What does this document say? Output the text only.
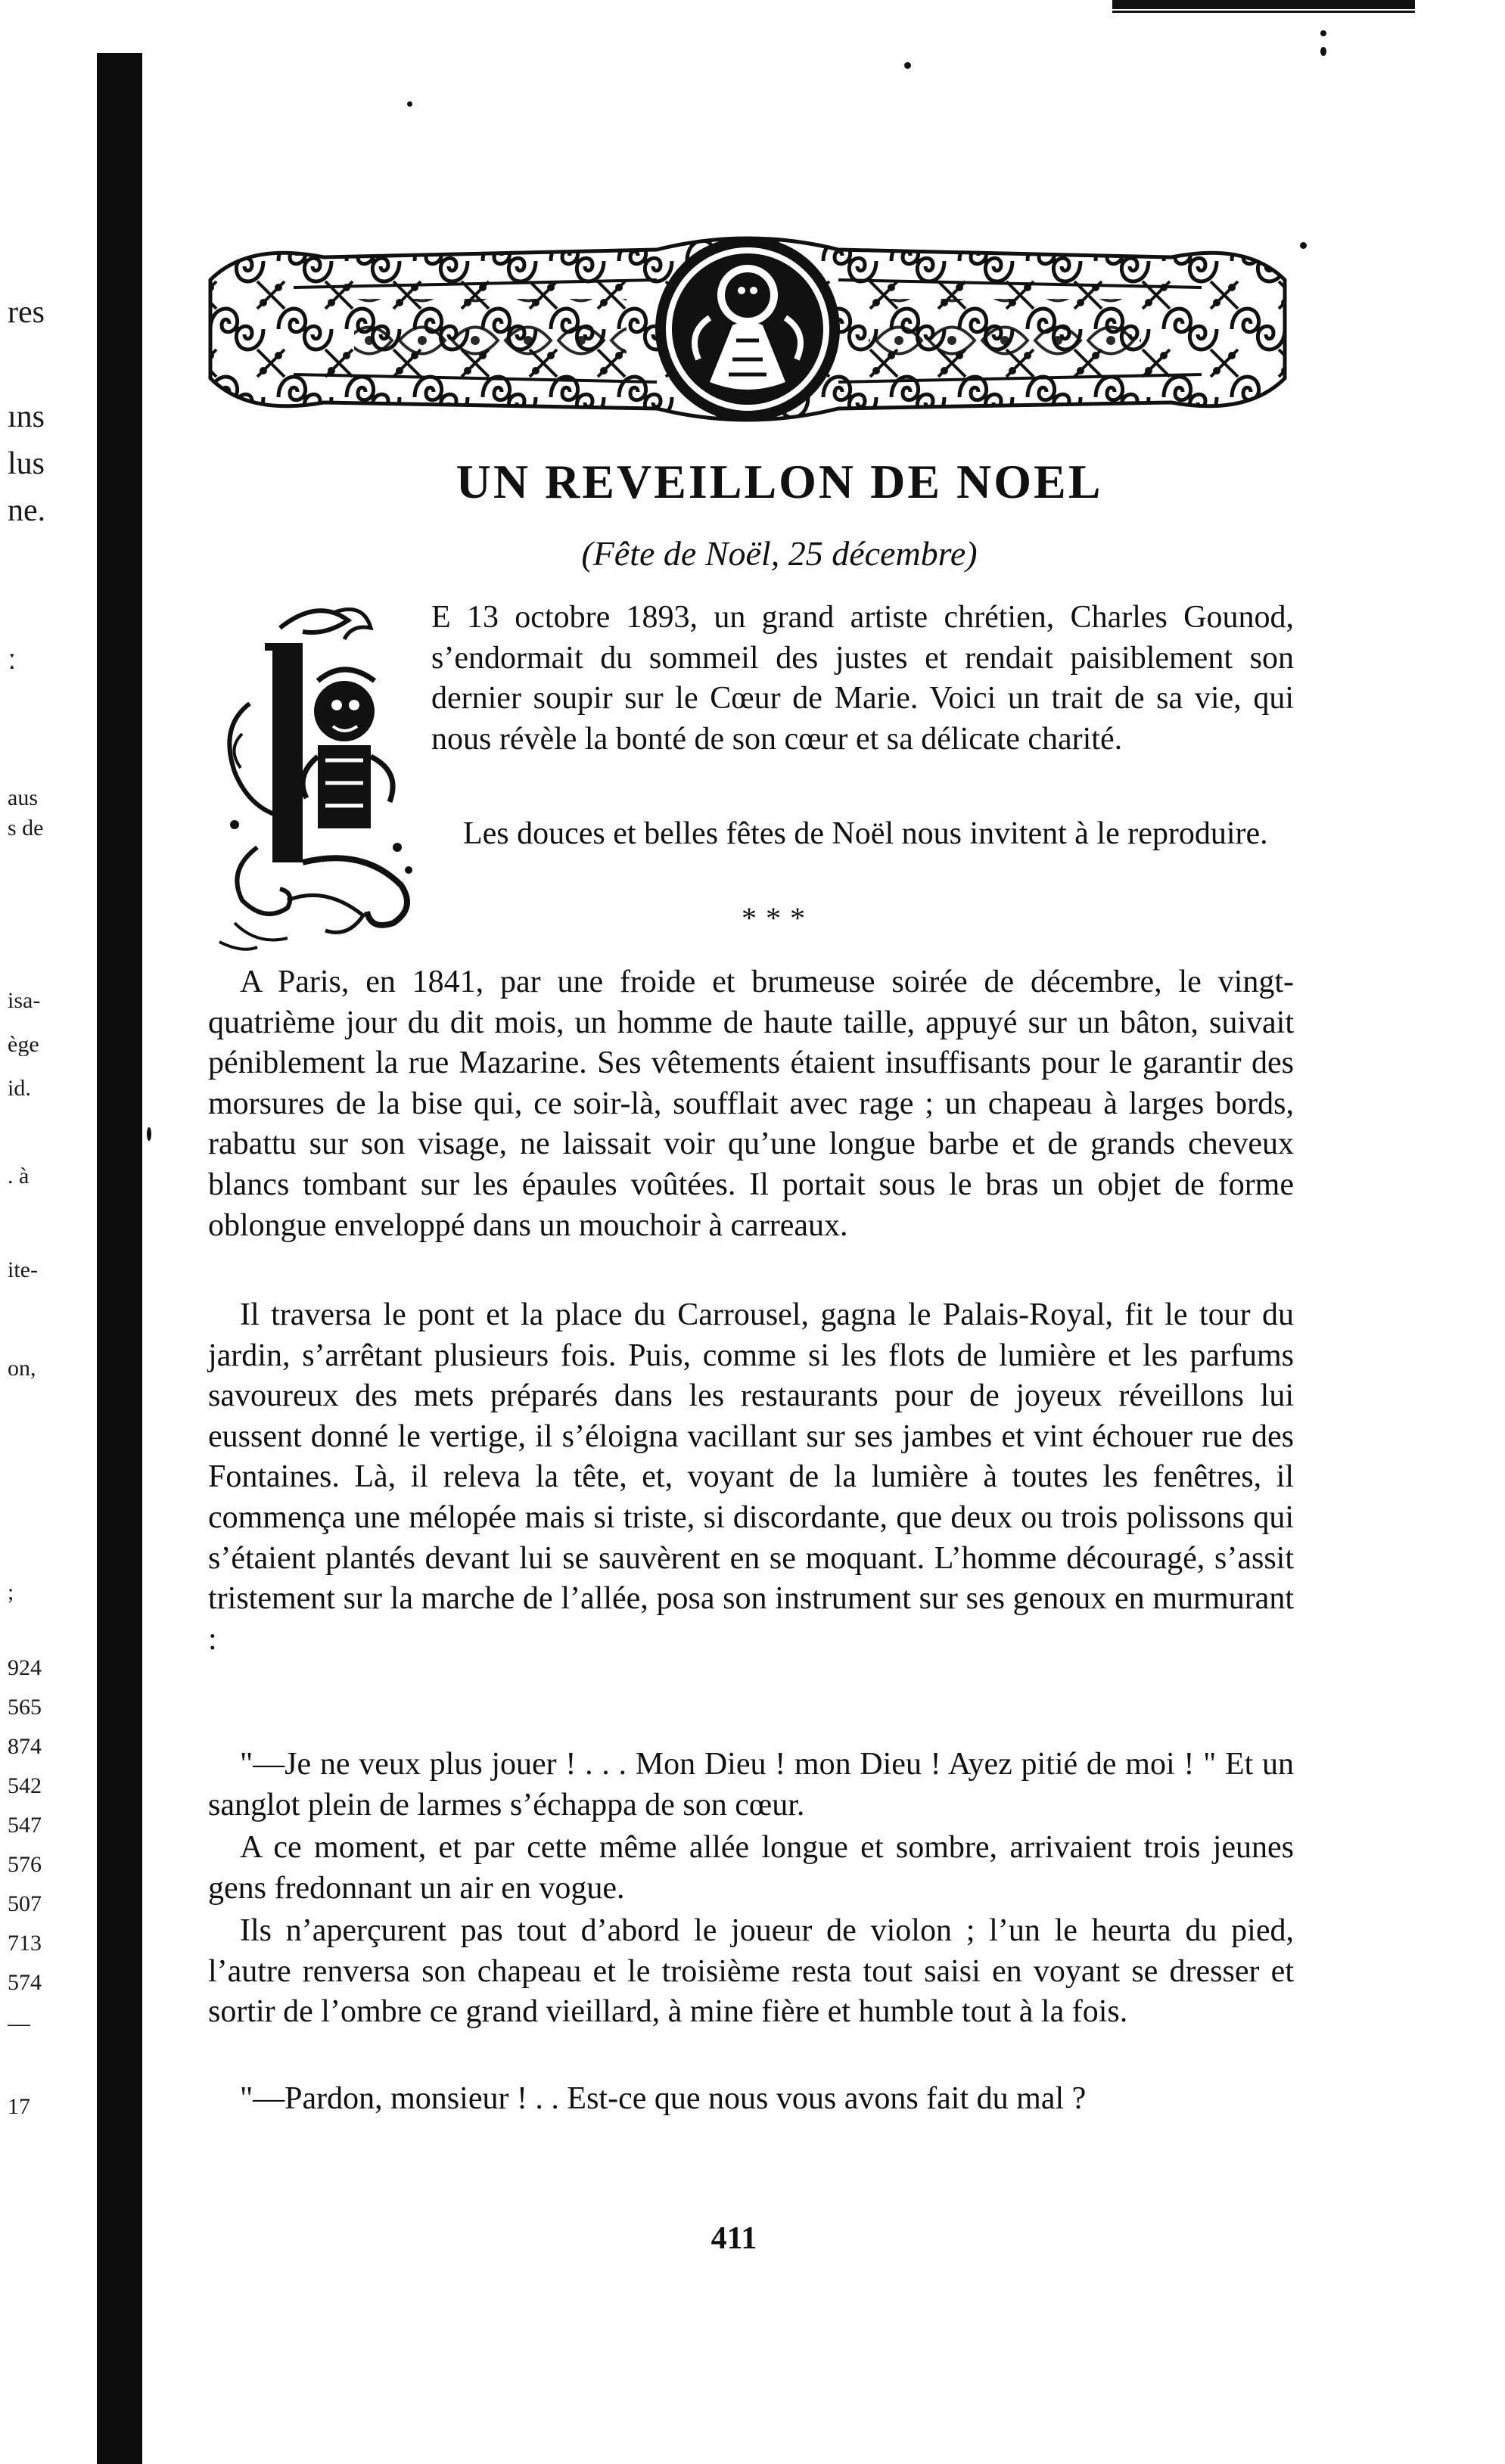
res
ıns
lus
ne.
ː
aus
s de
isa-
ège
id.
. à
ite-
on,
;
924
565
874
542
547
576
507
713
574
—
17
UN REVEILLON DE NOEL

(Fête de Noël, 25 décembre)

E 13 octobre 1893, un grand artiste chrétien, Charles Gounod, s’endormait du sommeil des justes et rendait paisiblement son dernier soupir sur le Cœur de Marie. Voici un trait de sa vie, qui nous révèle la bonté de son cœur et sa délicate charité.

Les douces et belles fêtes de Noël nous invitent à le reproduire.

* * *

A Paris, en 1841, par une froide et brumeuse soirée de décembre, le vingt-quatrième jour du dit mois, un homme de haute taille, appuyé sur un bâton, suivait péniblement la rue Mazarine. Ses vêtements étaient insuffisants pour le garantir des morsures de la bise qui, ce soir-là, soufflait avec rage ; un chapeau à larges bords, rabattu sur son visage, ne laissait voir qu’une longue barbe et de grands cheveux blancs tombant sur les épaules voûtées. Il portait sous le bras un objet de forme oblongue enveloppé dans un mouchoir à carreaux.

Il traversa le pont et la place du Carrousel, gagna le Palais-Royal, fit le tour du jardin, s’arrêtant plusieurs fois. Puis, comme si les flots de lumière et les parfums savoureux des mets préparés dans les restaurants pour de joyeux réveillons lui eussent donné le vertige, il s’éloigna vacillant sur ses jambes et vint échouer rue des Fontaines. Là, il releva la tête, et, voyant de la lumière à toutes les fenêtres, il commença une mélopée mais si triste, si discordante, que deux ou trois polissons qui s’étaient plantés devant lui se sauvèrent en se moquant. L’homme découragé, s’assit tristement sur la marche de l’allée, posa son instrument sur ses genoux en murmurant :

"—Je ne veux plus jouer ! . . . Mon Dieu ! mon Dieu ! Ayez pitié de moi ! " Et un sanglot plein de larmes s’échappa de son cœur.

A ce moment, et par cette même allée longue et sombre, arrivaient trois jeunes gens fredonnant un air en vogue.

Ils n’aperçurent pas tout d’abord le joueur de violon ; l’un le heurta du pied, l’autre renversa son chapeau et le troisième resta tout saisi en voyant se dresser et sortir de l’ombre ce grand vieillard, à mine fière et humble tout à la fois.

"—Pardon, monsieur ! . . Est-ce que nous vous avons fait du mal ?

411
